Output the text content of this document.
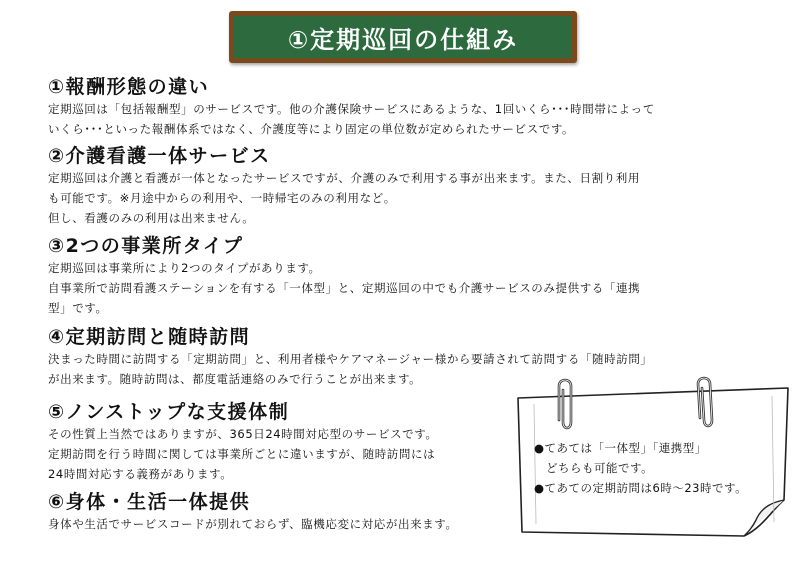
①定期巡回の仕組み
①報酬形態の違い

定期巡回は「包括報酬型」のサービスです。他の介護保険サービスにあるような、1回いくら･･･時間帯によって
いくら･･･といった報酬体系ではなく、介護度等により固定の単位数が定められたサービスです。

②介護看護一体サービス

定期巡回は介護と看護が一体となったサービスですが、介護のみで利用する事が出来ます。また、日割り利用
も可能です。※月途中からの利用や、一時帰宅のみの利用など。
但し、看護のみの利用は出来ません。

③2つの事業所タイプ

定期巡回は事業所により2つのタイプがあります。
自事業所で訪問看護ステーションを有する「一体型」と、定期巡回の中でも介護サービスのみ提供する「連携
型」です。

④定期訪問と随時訪問

決まった時間に訪問する「定期訪問」と、利用者様やケアマネージャー様から要請されて訪問する「随時訪問」
が出来ます。随時訪問は、都度電話連絡のみで行うことが出来ます。

⑤ノンストップな支援体制

その性質上当然ではありますが、365日24時間対応型のサービスです。
定期訪問を行う時間に関しては事業所ごとに違いますが、随時訪問には
24時間対応する義務があります。

⑥身体・生活一体提供

身体や生活でサービスコードが別れておらず、臨機応変に対応が出来ます。

●てあては「一体型」「連携型」
　どちらも可能です。
●てあての定期訪問は6時～23時です。
